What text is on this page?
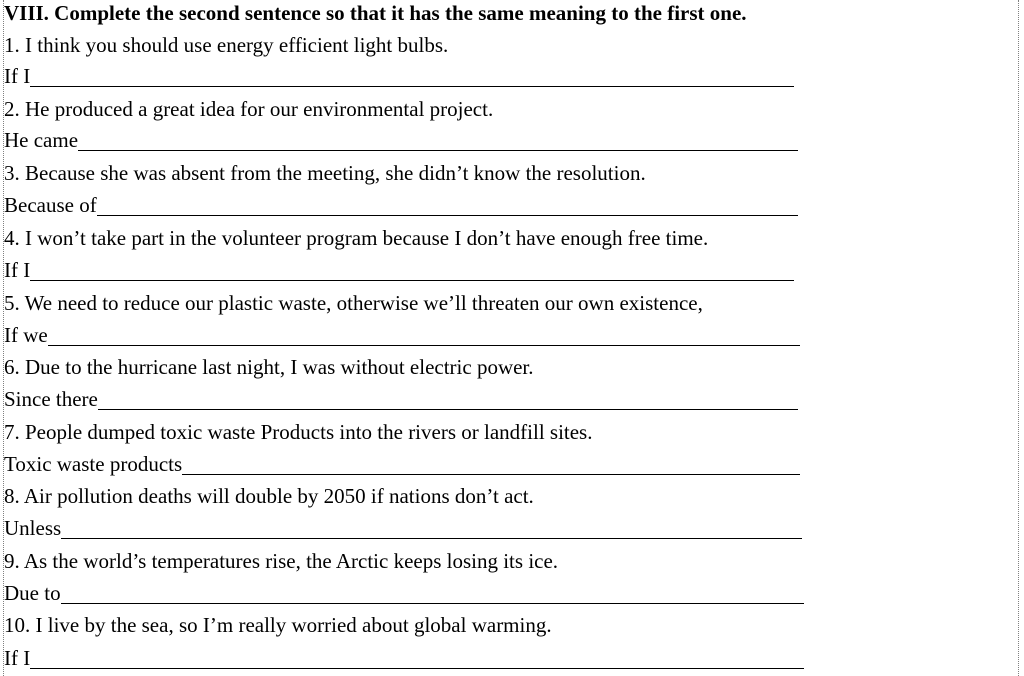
VIII. Complete the second sentence so that it has the same meaning to the first one.
1. I think you should use energy efficient light bulbs.
If I
2. He produced a great idea for our environmental project.
He came
3. Because she was absent from the meeting, she didn’t know the resolution.
Because of
4. I won’t take part in the volunteer program because I don’t have enough free time.
If I
5. We need to reduce our plastic waste, otherwise we’ll threaten our own existence,
If we
6. Due to the hurricane last night, I was without electric power.
Since there
7. People dumped toxic waste Products into the rivers or landfill sites.
Toxic waste products
8. Air pollution deaths will double by 2050 if nations don’t act.
Unless
9. As the world’s temperatures rise, the Arctic keeps losing its ice.
Due to
10. I live by the sea, so I’m really worried about global warming.
If I
